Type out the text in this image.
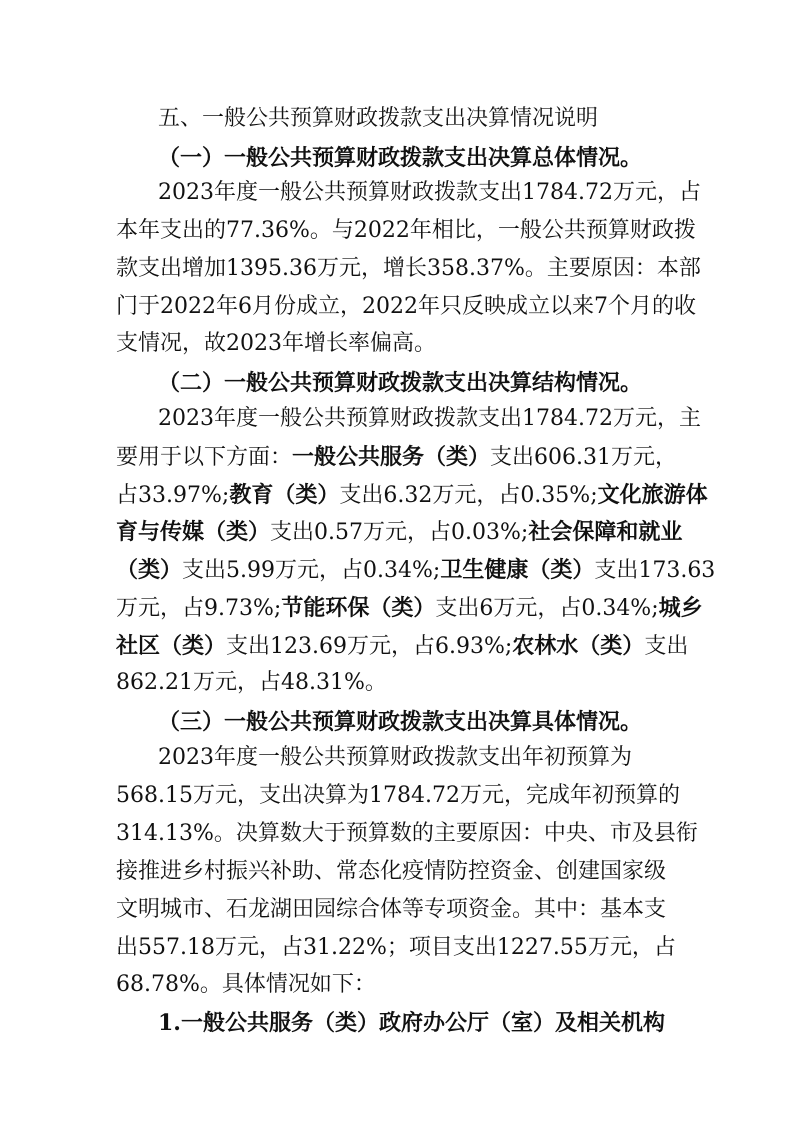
五、一般公共预算财政拨款支出决算情况说明
（一）一般公共预算财政拨款支出决算总体情况。
2023年度一般公共预算财政拨款支出1784.72万元，占
本年支出的77.36%。与2022年相比，一般公共预算财政拨
款支出增加1395.36万元，增长358.37%。主要原因：本部
门于2022年6月份成立，2022年只反映成立以来7个月的收
支情况，故2023年增长率偏高。
（二）一般公共预算财政拨款支出决算结构情况。
2023年度一般公共预算财政拨款支出1784.72万元，主
要用于以下方面：一般公共服务（类）支出606.31万元，
占33.97%;教育（类）支出6.32万元，占0.35%;文化旅游体
育与传媒（类）支出0.57万元，占0.03%;社会保障和就业
（类）支出5.99万元，占0.34%;卫生健康（类）支出173.63
万元，占9.73%;节能环保（类）支出6万元，占0.34%;城乡
社区（类）支出123.69万元，占6.93%;农林水（类）支出
862.21万元，占48.31%。
（三）一般公共预算财政拨款支出决算具体情况。
2023年度一般公共预算财政拨款支出年初预算为
568.15万元，支出决算为1784.72万元，完成年初预算的
314.13%。决算数大于预算数的主要原因：中央、市及县衔
接推进乡村振兴补助、常态化疫情防控资金、创建国家级
文明城市、石龙湖田园综合体等专项资金。其中：基本支
出557.18万元，占31.22%；项目支出1227.55万元，占
68.78%。具体情况如下：
1.一般公共服务（类）政府办公厅（室）及相关机构
